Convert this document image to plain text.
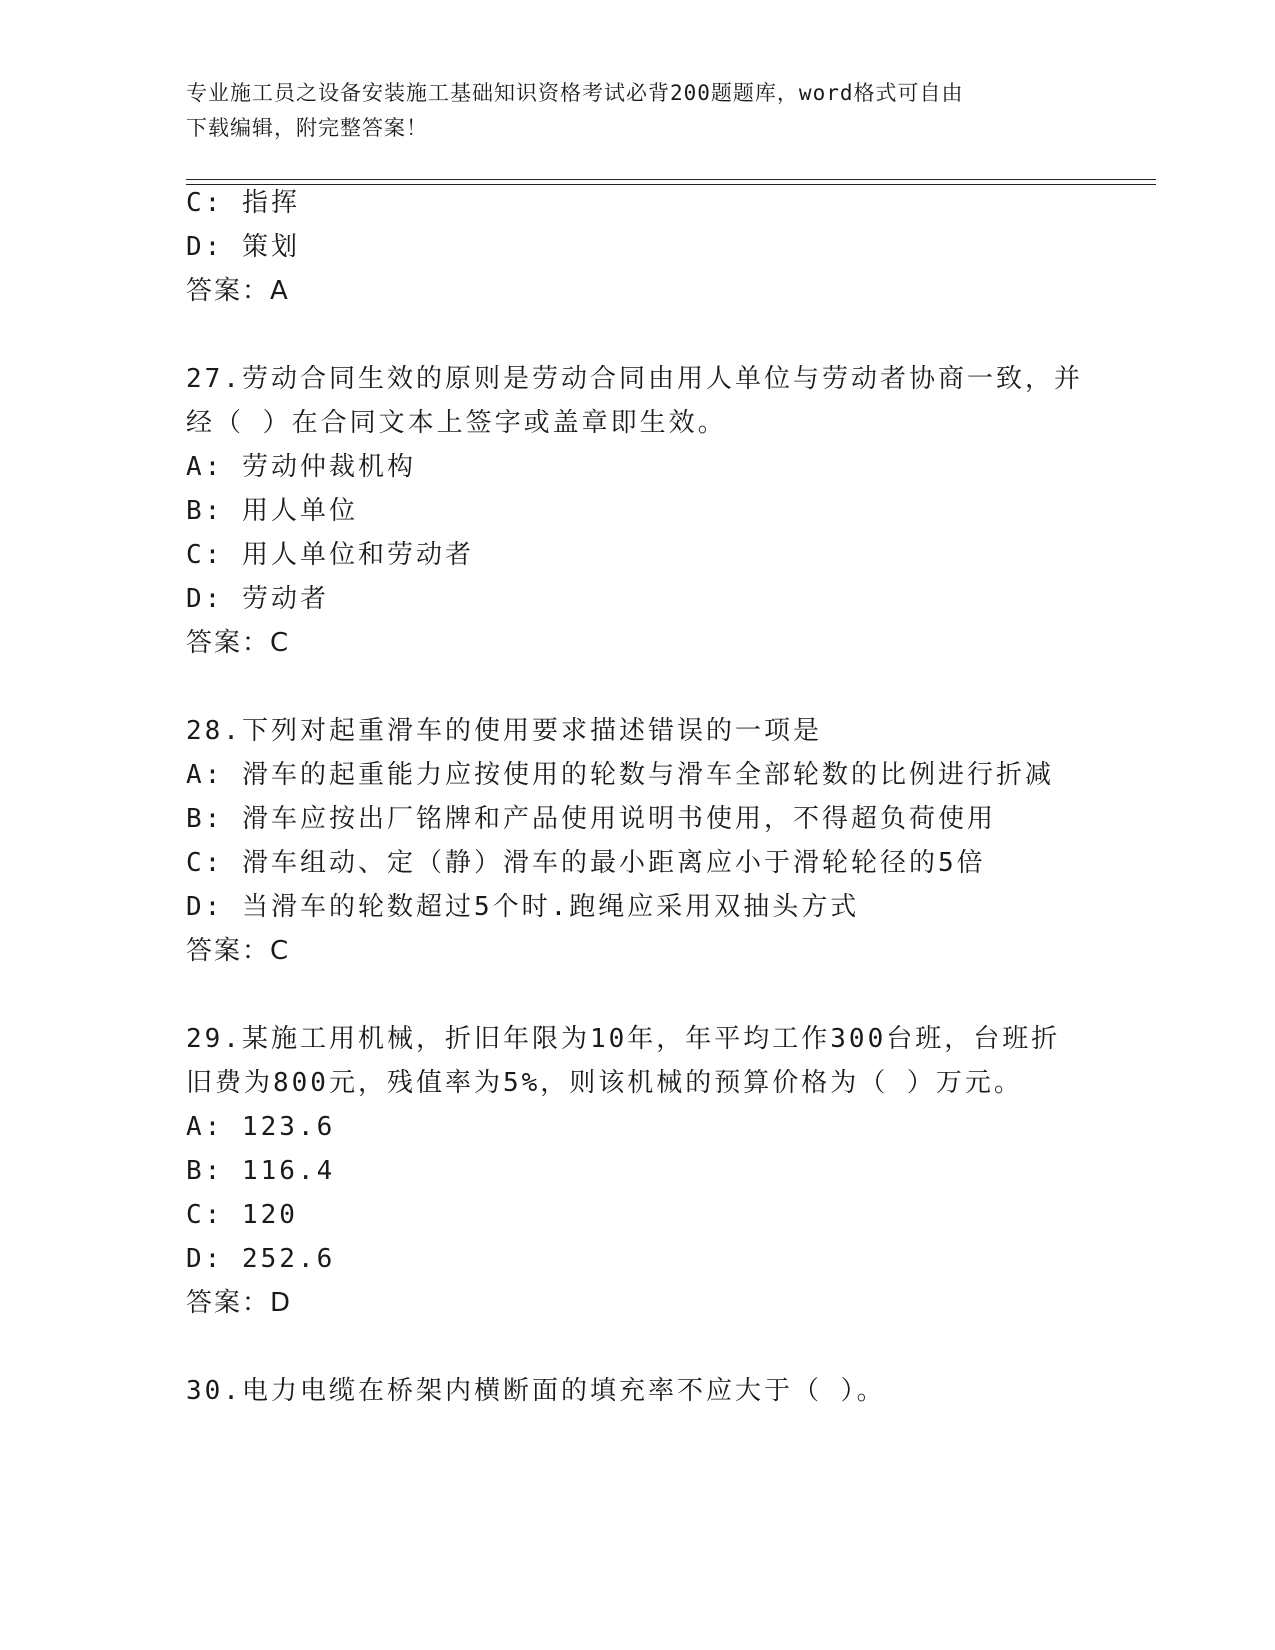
专业施工员之设备安装施工基础知识资格考试必背200题题库，word格式可自由
下载编辑，附完整答案！
C: 指挥
D: 策划
答案：A
27.劳动合同生效的原则是劳动合同由用人单位与劳动者协商一致，并
经（ ）在合同文本上签字或盖章即生效。
A: 劳动仲裁机构
B: 用人单位
C: 用人单位和劳动者
D: 劳动者
答案：C
28.下列对起重滑车的使用要求描述错误的一项是
A: 滑车的起重能力应按使用的轮数与滑车全部轮数的比例进行折减
B: 滑车应按出厂铭牌和产品使用说明书使用，不得超负荷使用
C: 滑车组动、定（静）滑车的最小距离应小于滑轮轮径的5倍
D: 当滑车的轮数超过5个时.跑绳应采用双抽头方式
答案：C
29.某施工用机械，折旧年限为10年，年平均工作300台班，台班折
旧费为800元，残值率为5%，则该机械的预算价格为（ ）万元。
A: 123.6
B: 116.4
C: 120
D: 252.6
答案：D
30.电力电缆在桥架内横断面的填充率不应大于（ ）。
